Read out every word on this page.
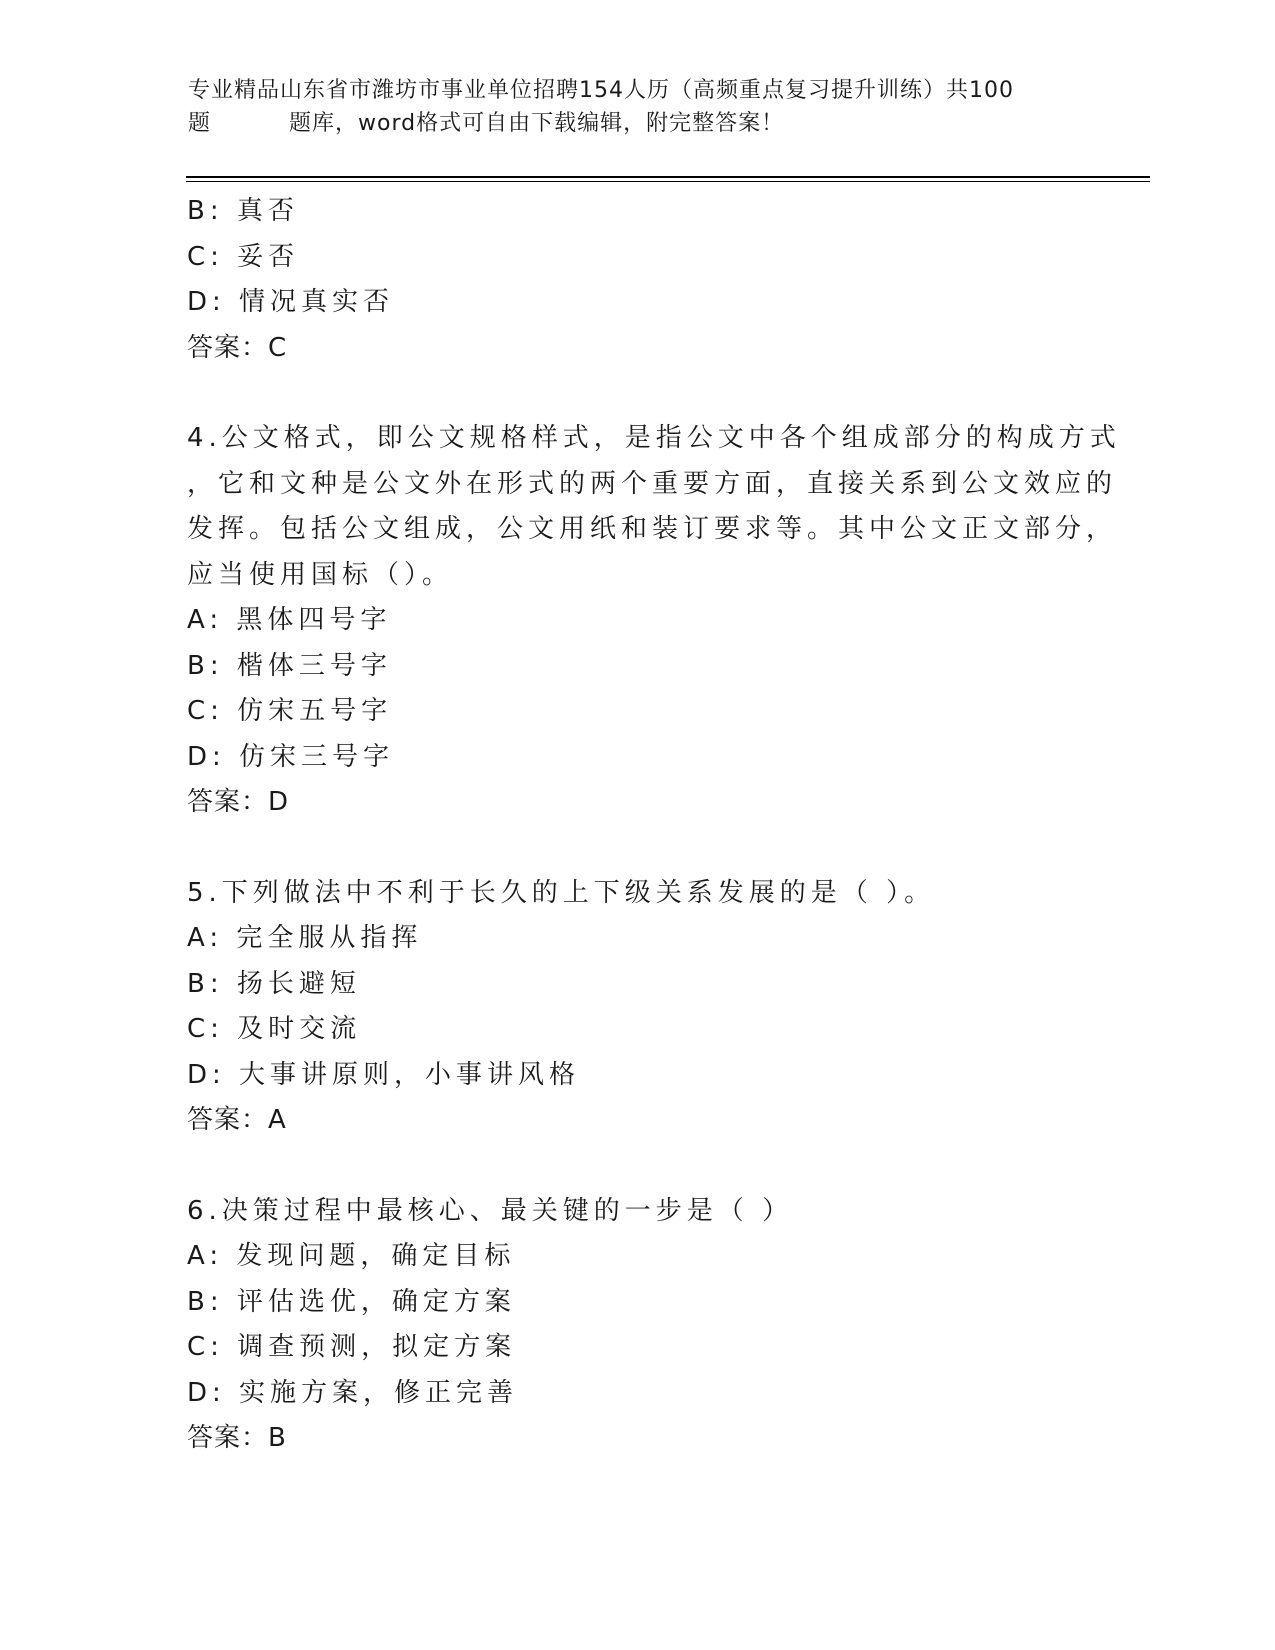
专业精品山东省市潍坊市事业单位招聘154人历（高频重点复习提升训练）共100
题	题库，word格式可自由下载编辑，附完整答案！
B: 真否
C: 妥否
D: 情况真实否
答案：C
4.公文格式，即公文规格样式，是指公文中各个组成部分的构成方式
，它和文种是公文外在形式的两个重要方面，直接关系到公文效应的
发挥。包括公文组成，公文用纸和装订要求等。其中公文正文部分，
应当使用国标（）。
A: 黑体四号字
B: 楷体三号字
C: 仿宋五号字
D: 仿宋三号字
答案：D
5.下列做法中不利于长久的上下级关系发展的是（ ）。
A: 完全服从指挥
B: 扬长避短
C: 及时交流
D: 大事讲原则，小事讲风格
答案：A
6.决策过程中最核心、最关键的一步是（ ）
A: 发现问题，确定目标
B: 评估选优，确定方案
C: 调查预测，拟定方案
D: 实施方案，修正完善
答案：B
